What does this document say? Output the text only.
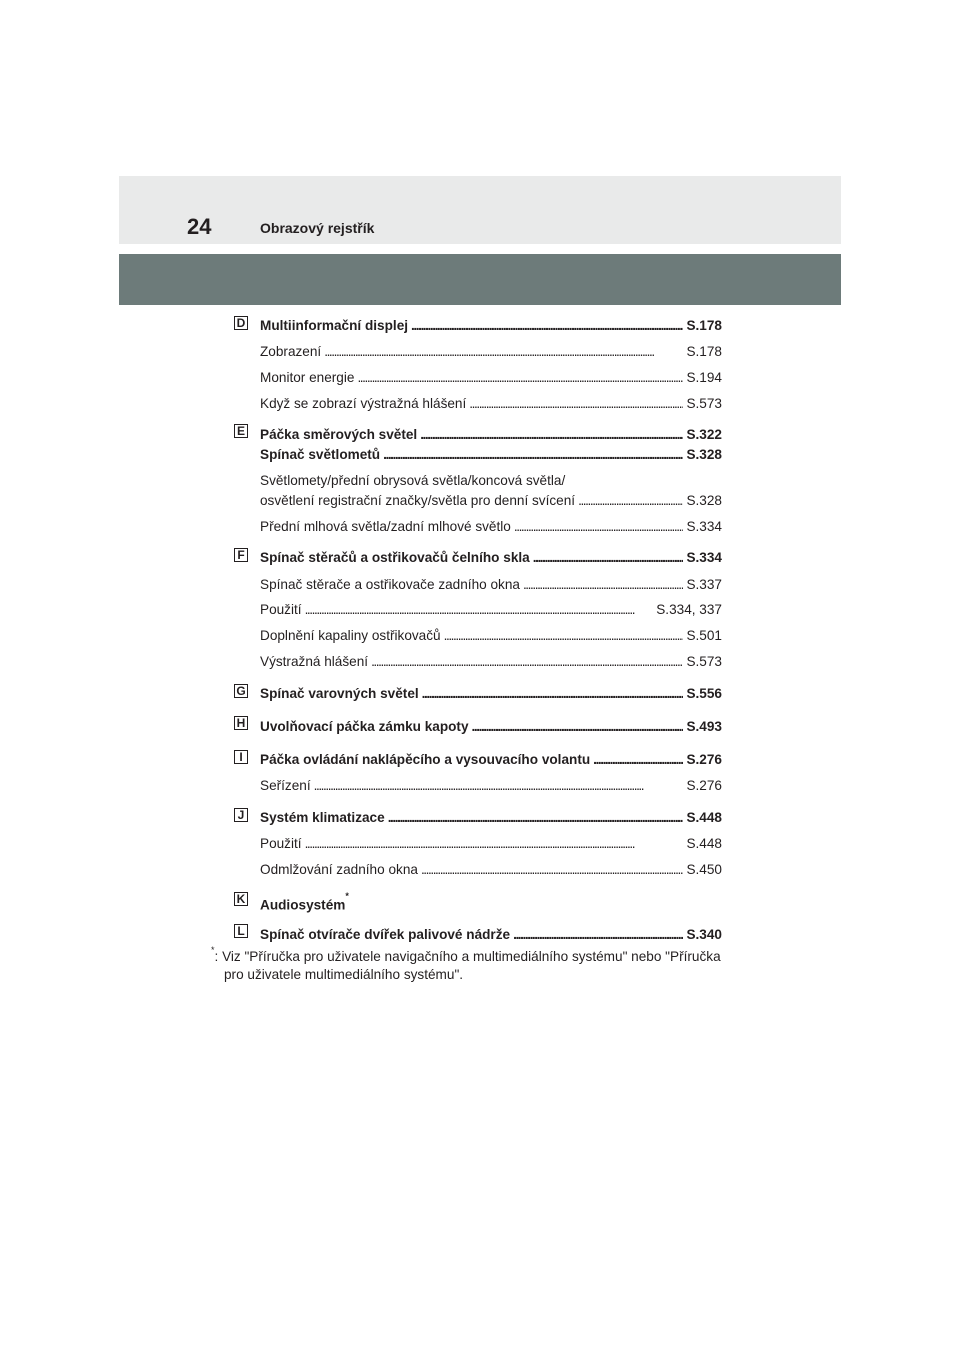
24	Obrazový rejstřík
D Multiinformační displej . . .	S.178
Zobrazení . . .	S.178
Monitor energie . . .	S.194
Když se zobrazí výstražná hlášení . . .	S.573
E Páčka směrových světel . . .	S.322
Spínač světlometů . . .	S.328
Světlomety/přední obrysová světla/koncová světla/
osvětlení registrační značky/světla pro denní svícení . . .	S.328
Přední mlhová světla/zadní mlhové světlo . . .	S.334
F Spínač stěračů a ostřikovačů čelního skla . . .	S.334
Spínač stěrače a ostřikovače zadního okna . . .	S.337
Použití . . .	S.334, 337
Doplnění kapaliny ostřikovačů . . .	S.501
Výstražná hlášení . . .	S.573
G Spínač varovných světel . . .	S.556
H Uvolňovací páčka zámku kapoty . . .	S.493
I	Páčka ovládání naklápěcího a vysouvacího volantu . . .	S.276
Seřízení . . .	S.276
J Systém klimatizace . . .	S.448
Použití . . .	S.448
Odmlžování zadního okna . . .	S.450
K Audiosystém*
L Spínač otvírače dvířek palivové nádrže . . .	S.340
*: Viz "Příručka pro uživatele navigačního a multimediálního systému" nebo "Příručka
pro uživatele multimediálního systému".
